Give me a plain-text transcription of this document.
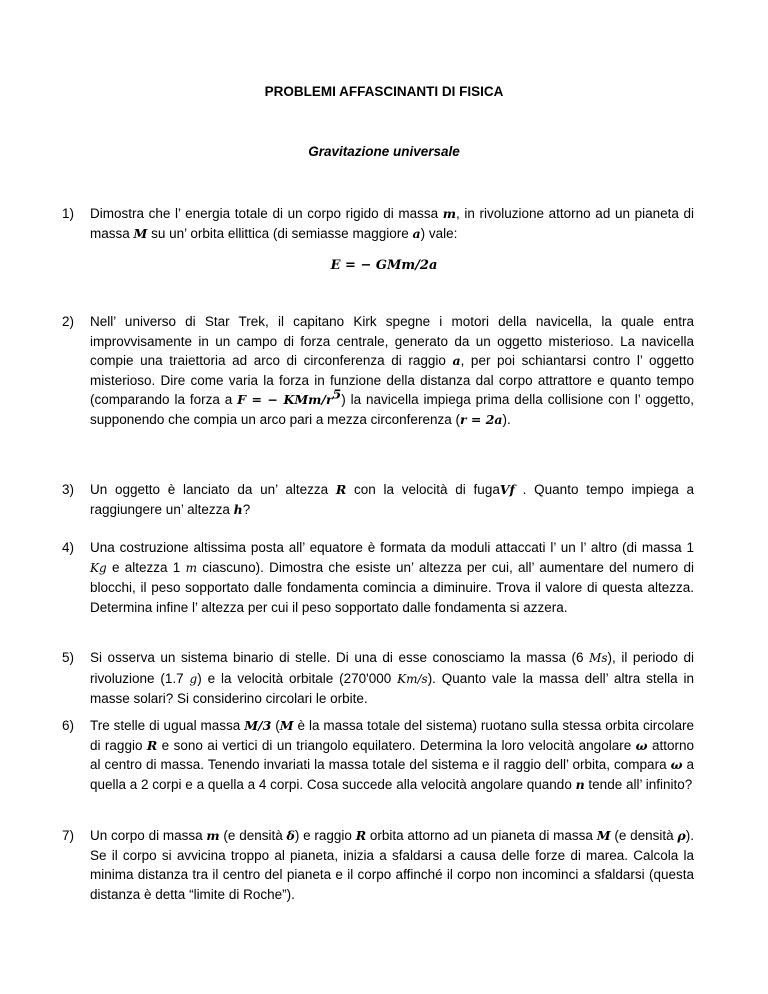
PROBLEMI AFFASCINANTI DI FISICA
Gravitazione universale
1) Dimostra che l’ energia totale di un corpo rigido di massa m, in rivoluzione attorno ad un pianeta di massa M su un’ orbita ellittica (di semiasse maggiore a) vale:
E = − GMm/2a
2) Nell’ universo di Star Trek, il capitano Kirk spegne i motori della navicella, la quale entra improvvisamente in un campo di forza centrale, generato da un oggetto misterioso. La navicella compie una traiettoria ad arco di circonferenza di raggio a, per poi schiantarsi contro l’ oggetto misterioso. Dire come varia la forza in funzione della distanza dal corpo attrattore e quanto tempo (comparando la forza a F = − KMm/$r^5$) la navicella impiega prima della collisione con l’ oggetto, supponendo che compia un arco pari a mezza circonferenza (r = 2a).
3) Un oggetto è lanciato da un’ altezza R con la velocità di fugaVf . Quanto tempo impiega a raggiungere un’ altezza h?
4) Una costruzione altissima posta all’ equatore è formata da moduli attaccati l’ un l’ altro (di massa 1 Kg e altezza 1 m ciascuno). Dimostra che esiste un’ altezza per cui, all’ aumentare del numero di blocchi, il peso sopportato dalle fondamenta comincia a diminuire. Trova il valore di questa altezza. Determina infine l’ altezza per cui il peso sopportato dalle fondamenta si azzera.
5) Si osserva un sistema binario di stelle. Di una di esse conosciamo la massa (6 Ms), il periodo di rivoluzione (1.7 g) e la velocità orbitale (270'000 Km/s). Quanto vale la massa dell’ altra stella in masse solari? Si considerino circolari le orbite.
6) Tre stelle di ugual massa M/3 (M è la massa totale del sistema) ruotano sulla stessa orbita circolare di raggio R e sono ai vertici di un triangolo equilatero. Determina la loro velocità angolare ω attorno al centro di massa. Tenendo invariati la massa totale del sistema e il raggio dell’ orbita, compara ω a quella a 2 corpi e a quella a 4 corpi. Cosa succede alla velocità angolare quando n tende all’ infinito?
7) Un corpo di massa m (e densità δ) e raggio R orbita attorno ad un pianeta di massa M (e densità ρ). Se il corpo si avvicina troppo al pianeta, inizia a sfaldarsi a causa delle forze di marea. Calcola la minima distanza tra il centro del pianeta e il corpo affinché il corpo non incominci a sfaldarsi (questa distanza è detta “limite di Roche”).
